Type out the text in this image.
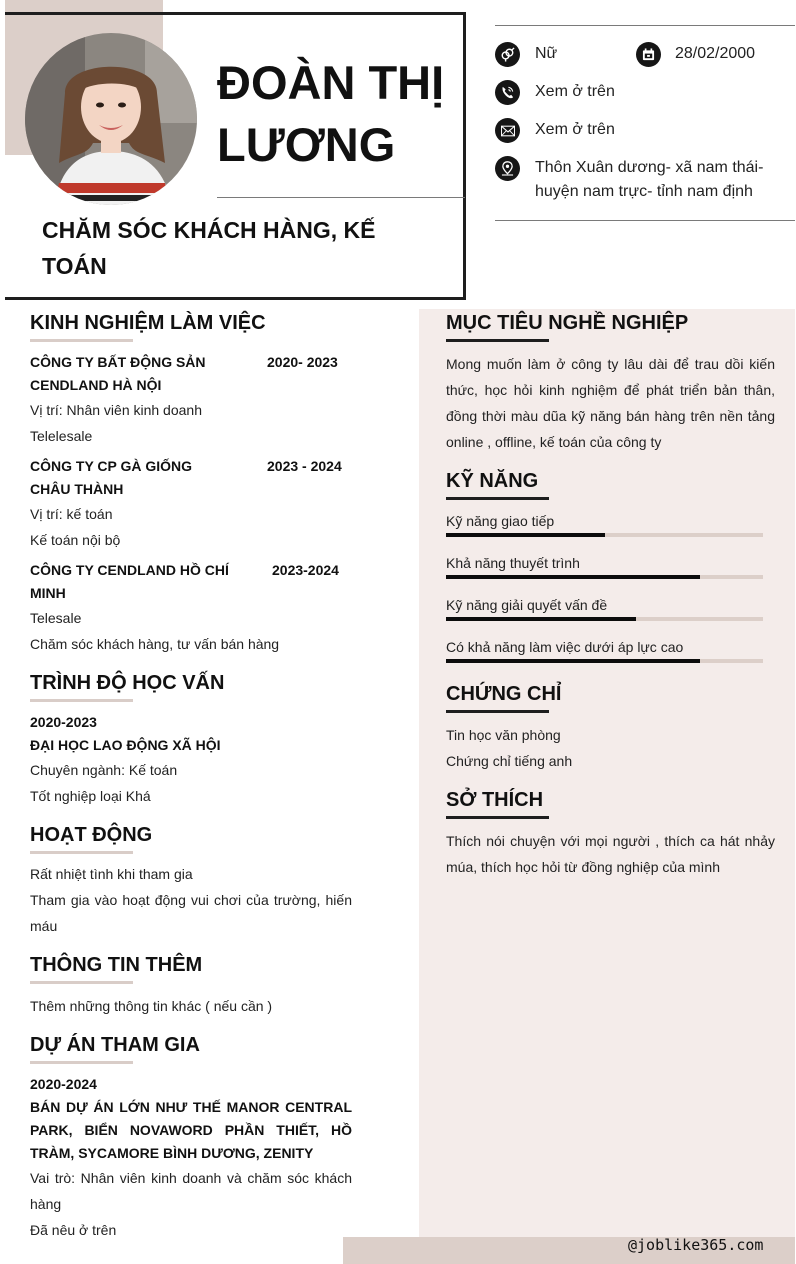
ĐOÀN THỊ
LƯƠNG
CHĂM SÓC KHÁCH HÀNG, KẾ TOÁN
Nữ	28/02/2000
Xem ở trên
Xem ở trên
Thôn Xuân dương- xã nam thái- huyện nam trực- tỉnh nam định
KINH NGHIỆM LÀM VIỆC
CÔNG TY BẤT ĐỘNG SẢN CENDLAND HÀ NỘI
2020- 2023
Vị trí: Nhân viên kinh doanh
Telelesale
CÔNG TY CP GÀ GIỐNG CHÂU THÀNH
2023 - 2024
Vị trí: kế toán
Kế toán nội bộ
CÔNG TY CENDLAND HỒ CHÍ MINH
2023-2024
Telesale
Chăm sóc khách hàng, tư vấn bán hàng
TRÌNH ĐỘ HỌC VẤN
2020-2023
ĐẠI HỌC LAO ĐỘNG XÃ HỘI
Chuyên ngành: Kế toán
Tốt nghiệp loại Khá
HOẠT ĐỘNG
Rất nhiệt tình khi tham gia
Tham gia vào hoạt động vui chơi của trường, hiến máu
THÔNG TIN THÊM
Thêm những thông tin khác ( nếu cần )
DỰ ÁN THAM GIA
2020-2024
BÁN DỰ ÁN LỚN NHƯ THẾ MANOR CENTRAL PARK, BIỂN NOVAWORD PHẦN THIẾT, HỒ TRÀM, SYCAMORE BÌNH DƯƠNG, ZENITY
Vai trò: Nhân viên kinh doanh và chăm sóc khách hàng
Đã nêu ở trên
MỤC TIÊU NGHỀ NGHIỆP
Mong muốn làm ở công ty lâu dài để trau dồi kiến thức, học hỏi kinh nghiệm để phát triển bản thân, đồng thời màu dũa kỹ năng bán hàng trên nền tảng online , offline, kế toán của công ty
KỸ NĂNG
Kỹ năng giao tiếp
Khả năng thuyết trình
Kỹ năng giải quyết vấn đề
Có khả năng làm việc dưới áp lực cao
CHỨNG CHỈ
Tin học văn phòng
Chứng chỉ tiếng anh
SỞ THÍCH
Thích nói chuyện với mọi người , thích ca hát nhảy múa, thích học hỏi từ đồng nghiệp của mình
@joblike365.com
